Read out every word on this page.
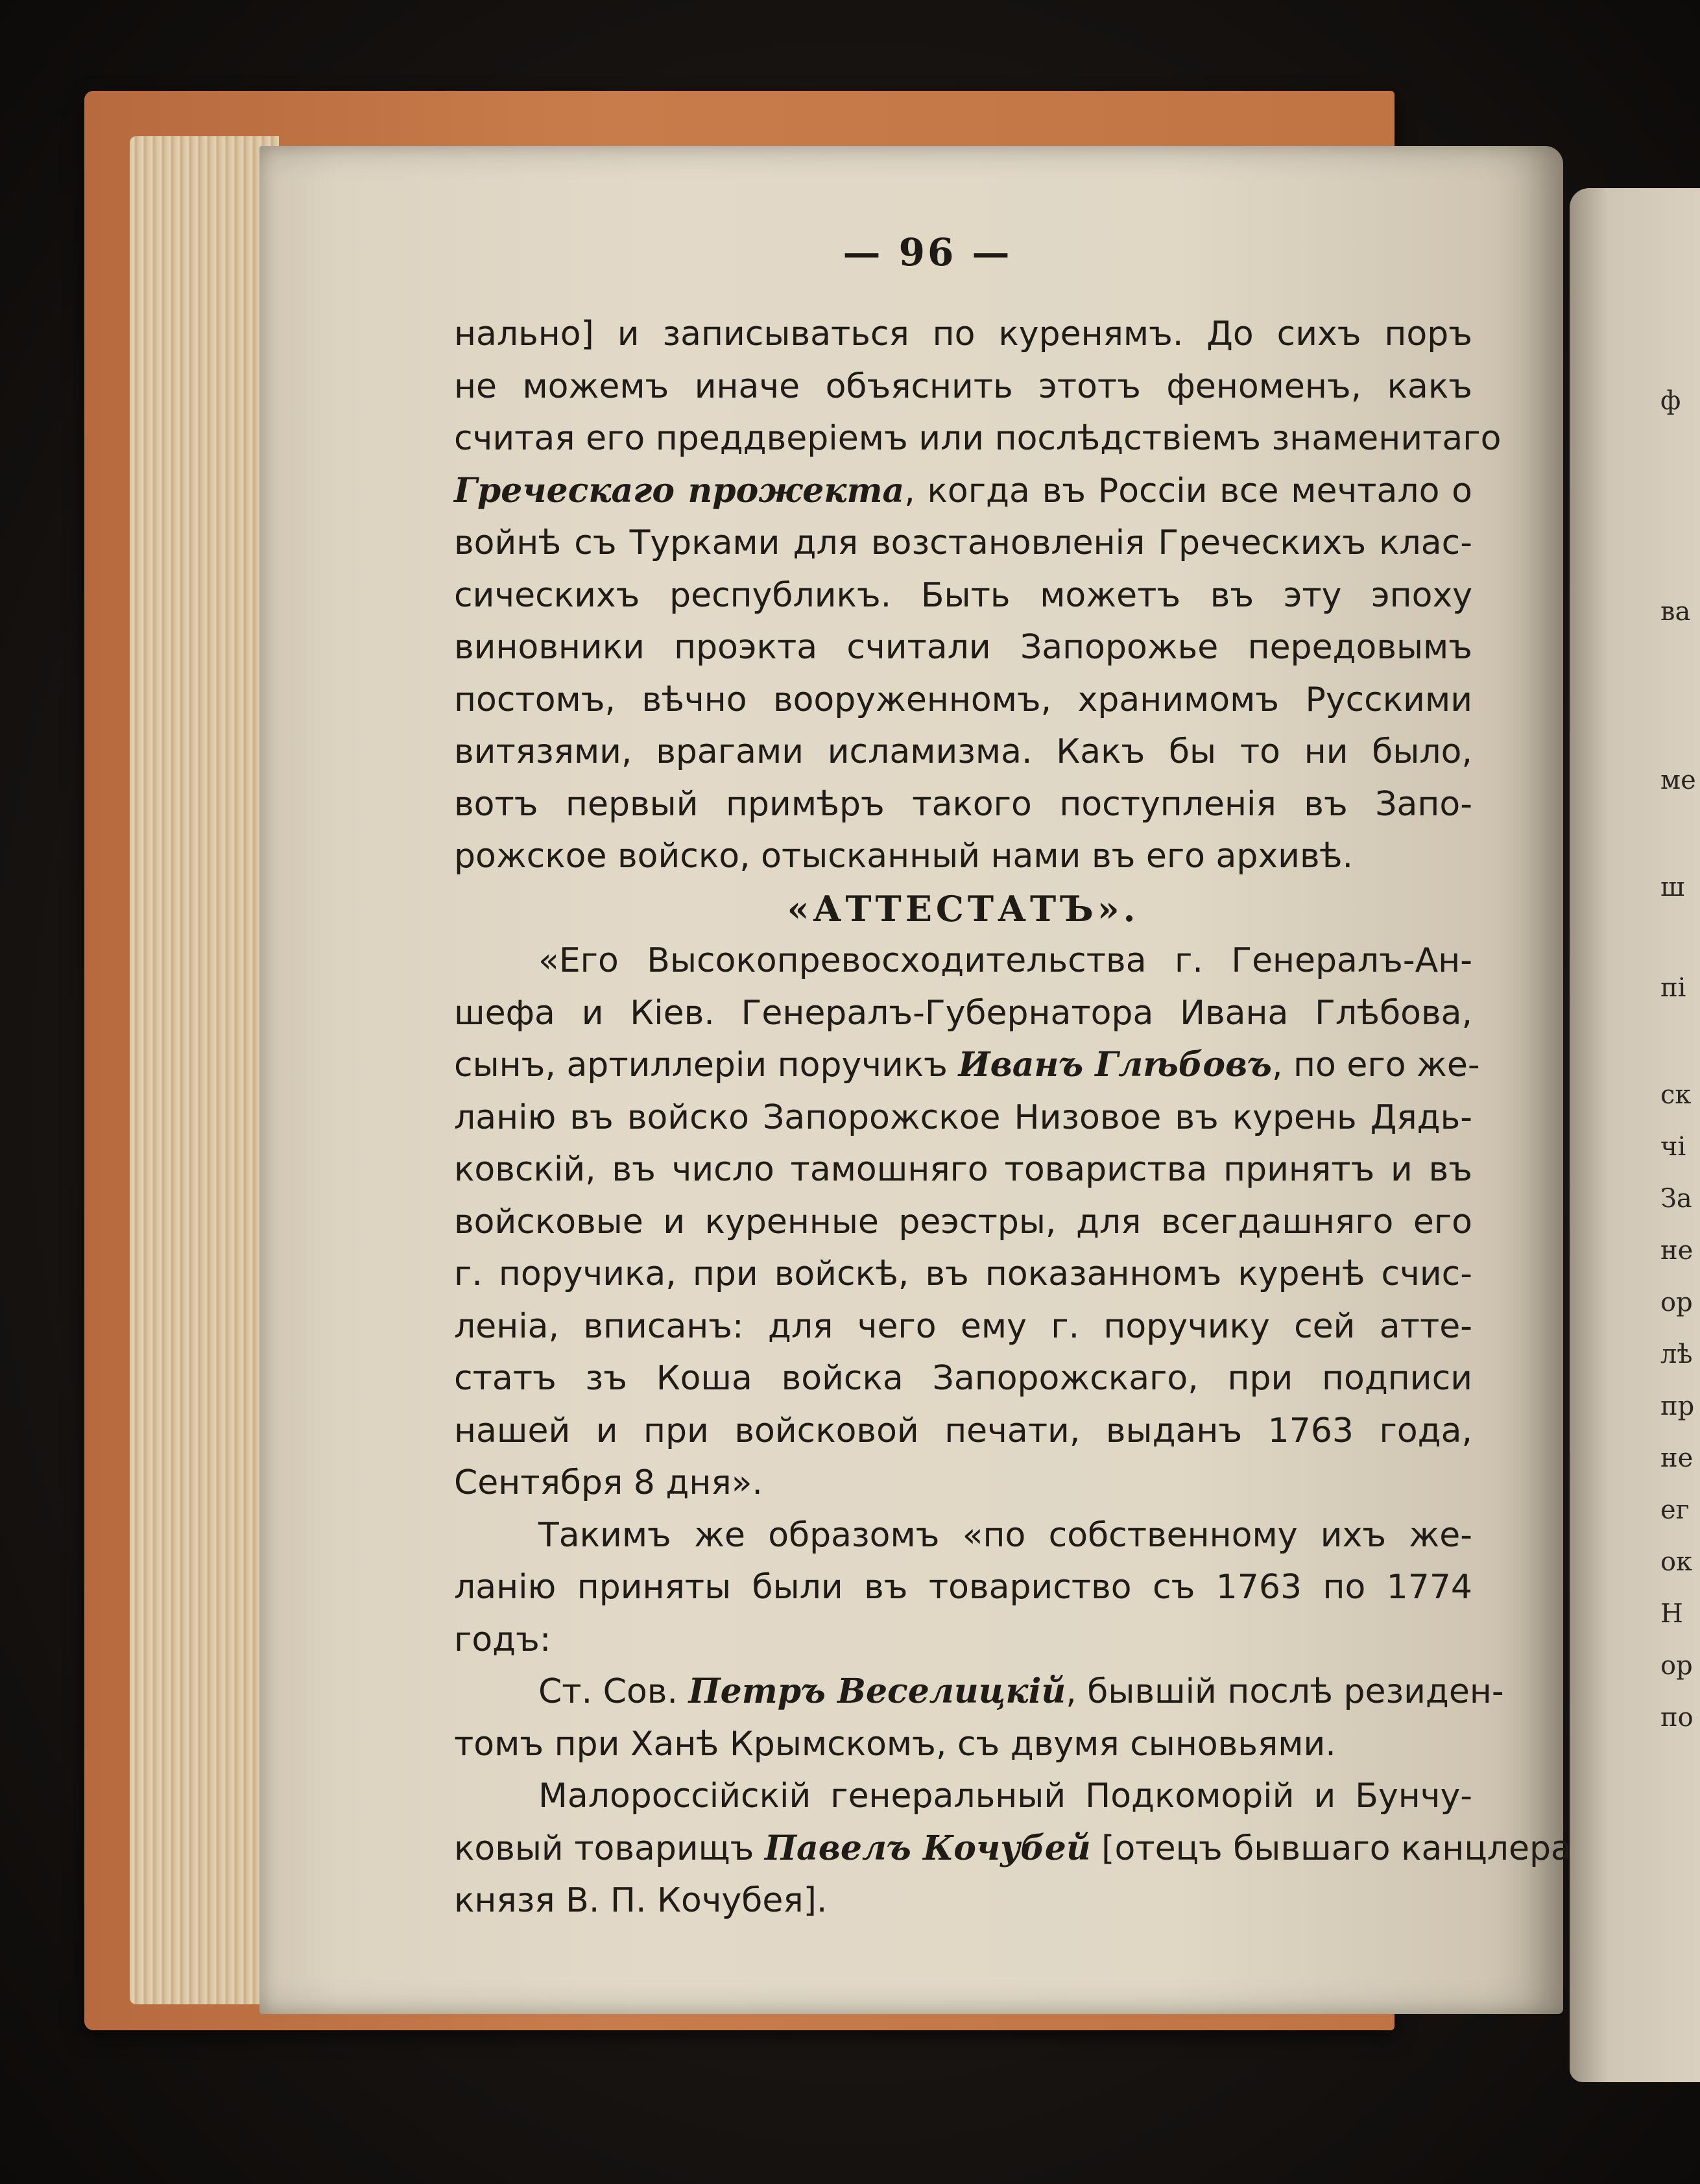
ф
ва
ме
ш
пі
ск
чі
За
не
ор
лѣ
пр
не
ег
ок
Н
ор
по
— 96 —
нально] и записываться по куренямъ. До сихъ поръ
не можемъ иначе объяснить этотъ феноменъ, какъ
считая его преддверіемъ или послѣдствіемъ знаменитаго
Греческаго прожекта, когда въ Россіи все мечтало о
войнѣ съ Турками для возстановленія Греческихъ клас-
сическихъ республикъ. Быть можетъ въ эту эпоху
виновники проэкта считали Запорожье передовымъ
постомъ, вѣчно вооруженномъ, хранимомъ Русскими
витязями, врагами исламизма. Какъ бы то ни было,
вотъ первый примѣръ такого поступленія въ Запо-
рожское войско, отысканный нами въ его архивѣ.
«АТТЕСТАТЪ».
«Его Высокопревосходительства г. Генералъ-Ан-
шефа и Кіев. Генералъ-Губернатора Ивана Глѣбова,
сынъ, артиллеріи поручикъ Иванъ Глѣбовъ, по его же-
ланію въ войско Запорожское Низовое въ курень Дядь-
ковскій, въ число тамошняго товариства принятъ и въ
войсковые и куренные реэстры, для всегдашняго его
г. поручика, при войскѣ, въ показанномъ куренѣ счис-
леніа, вписанъ: для чего ему г. поручику сей атте-
статъ зъ Коша войска Запорожскаго, при подписи
нашей и при войсковой печати, выданъ 1763 года,
Сентября 8 дня».
Такимъ же образомъ «по собственному ихъ же-
ланію приняты были въ товариство съ 1763 по 1774
годъ:
Ст. Сов. Петръ Веселицкій, бывшій послѣ резиден-
томъ при Ханѣ Крымскомъ, съ двумя сыновьями.
Малороссійскій генеральный Подкоморій и Бунчу-
ковый товарищъ Павелъ Кочубей [отецъ бывшаго канцлера
князя В. П. Кочубея].
